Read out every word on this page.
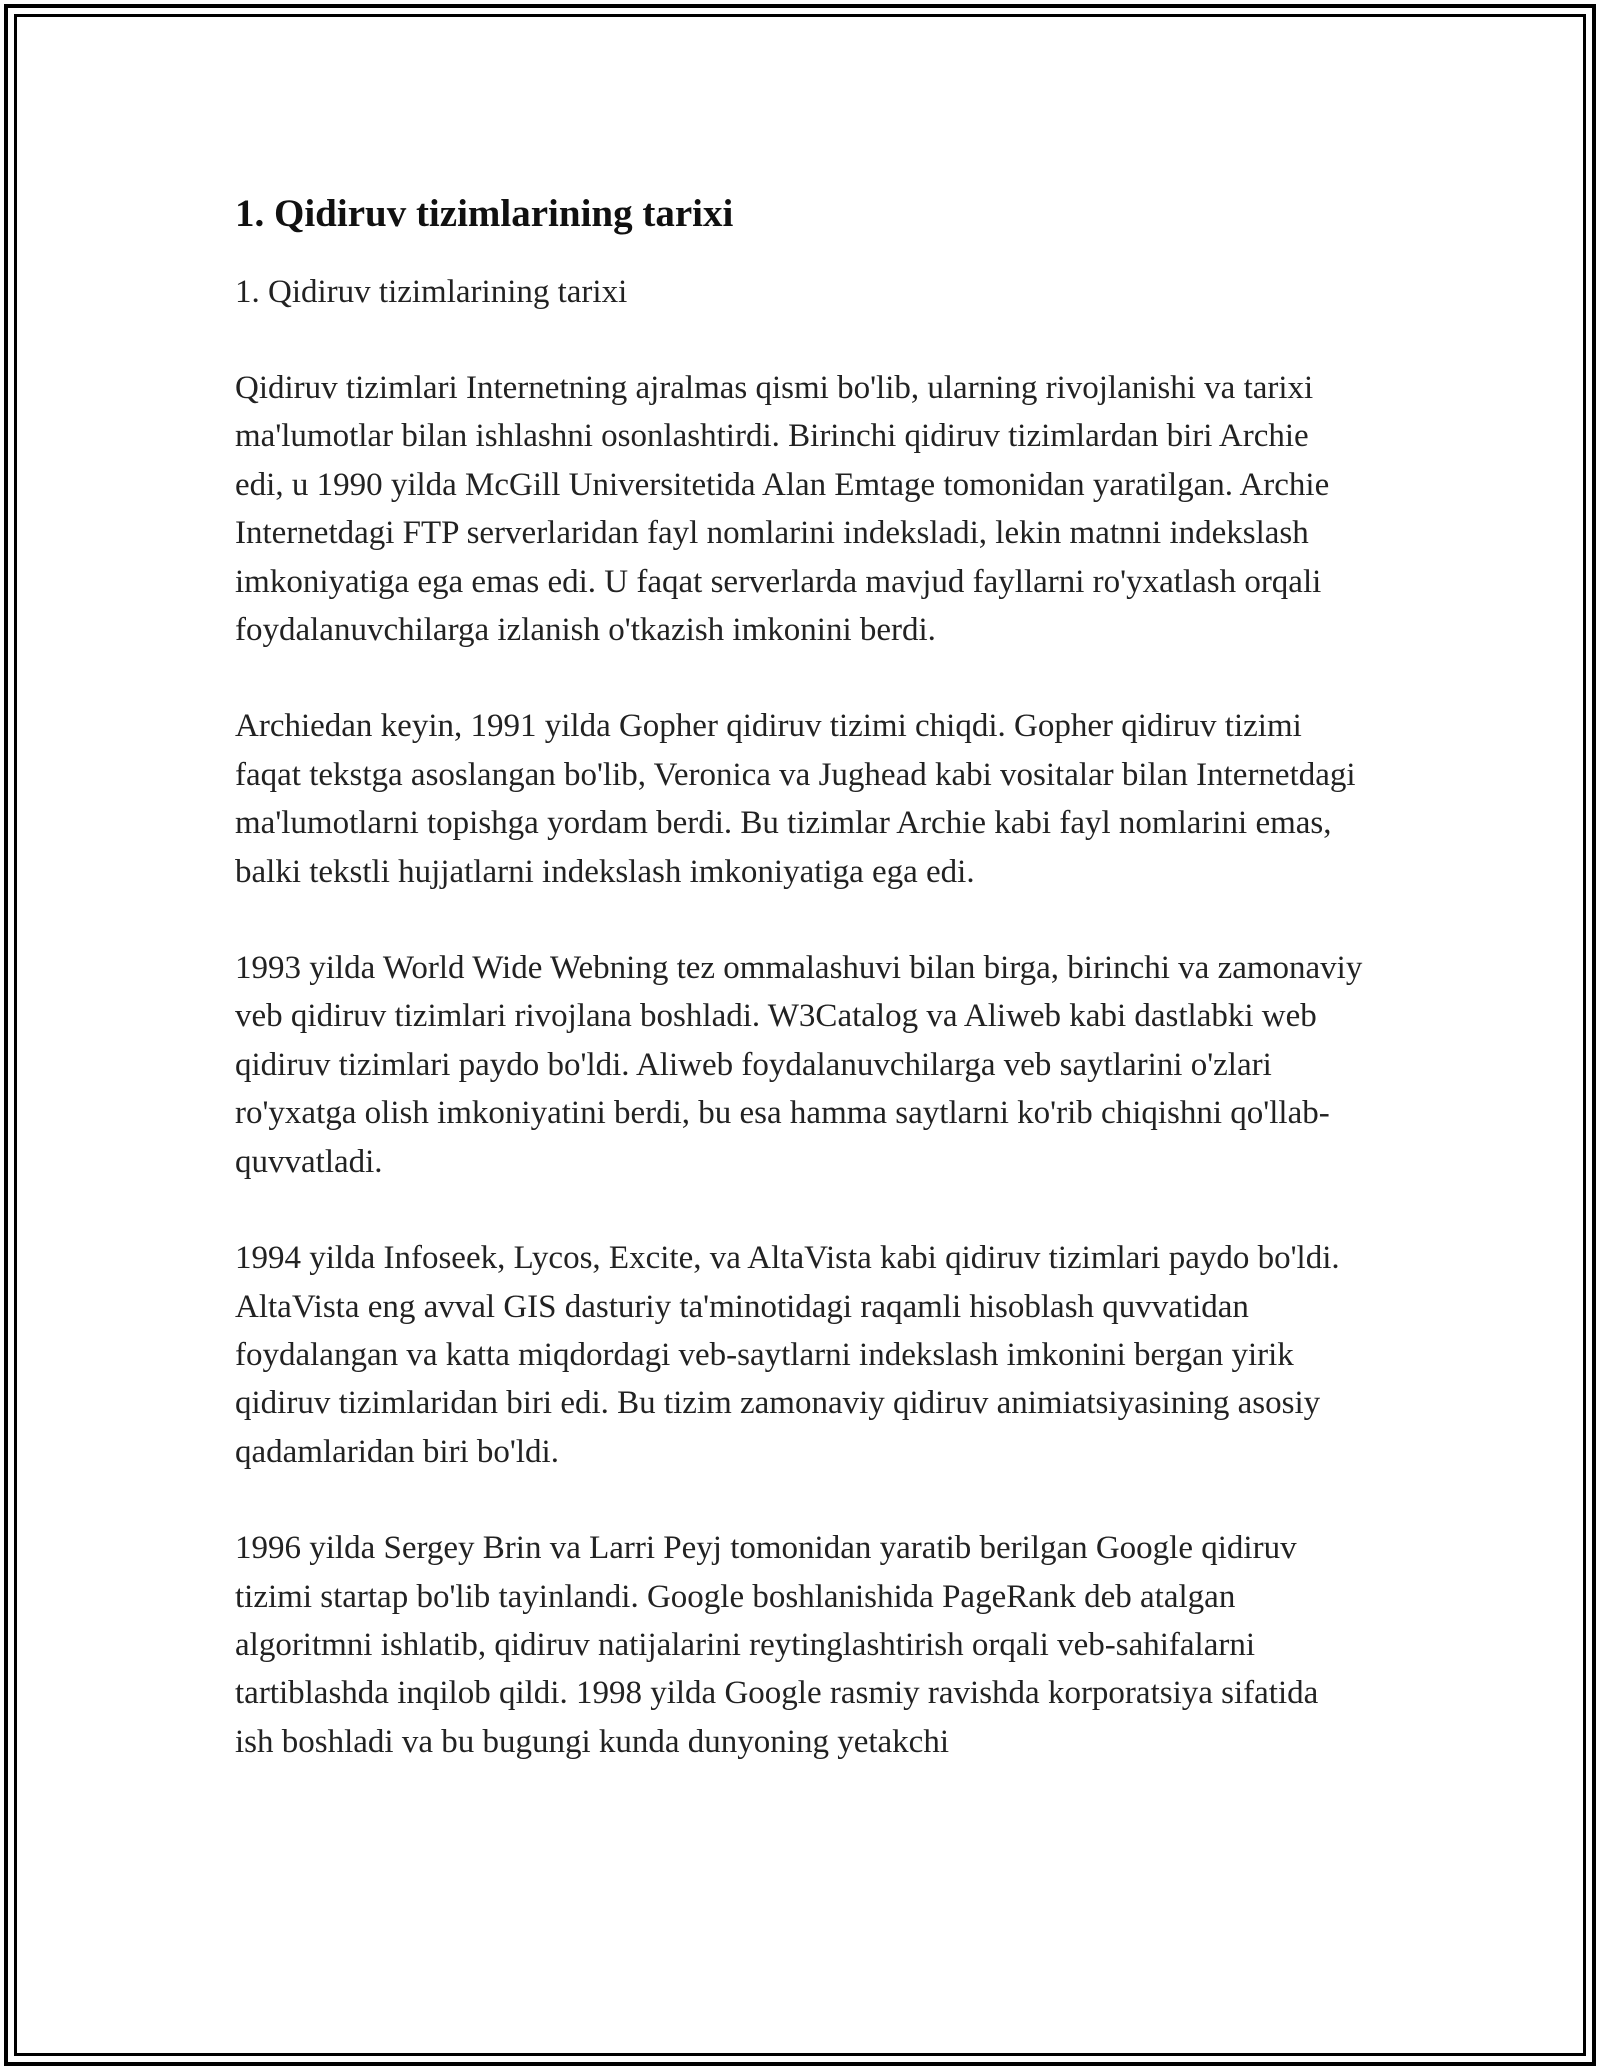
1. Qidiruv tizimlarining tarixi

1. Qidiruv tizimlarining tarixi

Qidiruv tizimlari Internetning ajralmas qismi bo'lib, ularning rivojlanishi va tarixi ma'lumotlar bilan ishlashni osonlashtirdi. Birinchi qidiruv tizimlardan biri Archie edi, u 1990 yilda McGill Universitetida Alan Emtage tomonidan yaratilgan. Archie Internetdagi FTP serverlaridan fayl nomlarini indeksladi, lekin matnni indekslash imkoniyatiga ega emas edi. U faqat serverlarda mavjud fayllarni ro'yxatlash orqali foydalanuvchilarga izlanish o'tkazish imkonini berdi.

Archiedan keyin, 1991 yilda Gopher qidiruv tizimi chiqdi. Gopher qidiruv tizimi faqat tekstga asoslangan bo'lib, Veronica va Jughead kabi vositalar bilan Internetdagi ma'lumotlarni topishga yordam berdi. Bu tizimlar Archie kabi fayl nomlarini emas, balki tekstli hujjatlarni indekslash imkoniyatiga ega edi.

1993 yilda World Wide Webning tez ommalashuvi bilan birga, birinchi va zamonaviy veb qidiruv tizimlari rivojlana boshladi. W3Catalog va Aliweb kabi dastlabki web qidiruv tizimlari paydo bo'ldi. Aliweb foydalanuvchilarga veb saytlarini o'zlari ro'yxatga olish imkoniyatini berdi, bu esa hamma saytlarni ko'rib chiqishni qo'llab-quvvatladi.

1994 yilda Infoseek, Lycos, Excite, va AltaVista kabi qidiruv tizimlari paydo bo'ldi. AltaVista eng avval GIS dasturiy ta'minotidagi raqamli hisoblash quvvatidan foydalangan va katta miqdordagi veb-saytlarni indekslash imkonini bergan yirik qidiruv tizimlaridan biri edi. Bu tizim zamonaviy qidiruv animiatsiyasining asosiy qadamlaridan biri bo'ldi.

1996 yilda Sergey Brin va Larri Peyj tomonidan yaratib berilgan Google qidiruv tizimi startap bo'lib tayinlandi. Google boshlanishida PageRank deb atalgan algoritmni ishlatib, qidiruv natijalarini reytinglashtirish orqali veb-sahifalarni tartiblashda inqilob qildi. 1998 yilda Google rasmiy ravishda korporatsiya sifatida ish boshladi va bu bugungi kunda dunyoning yetakchi
